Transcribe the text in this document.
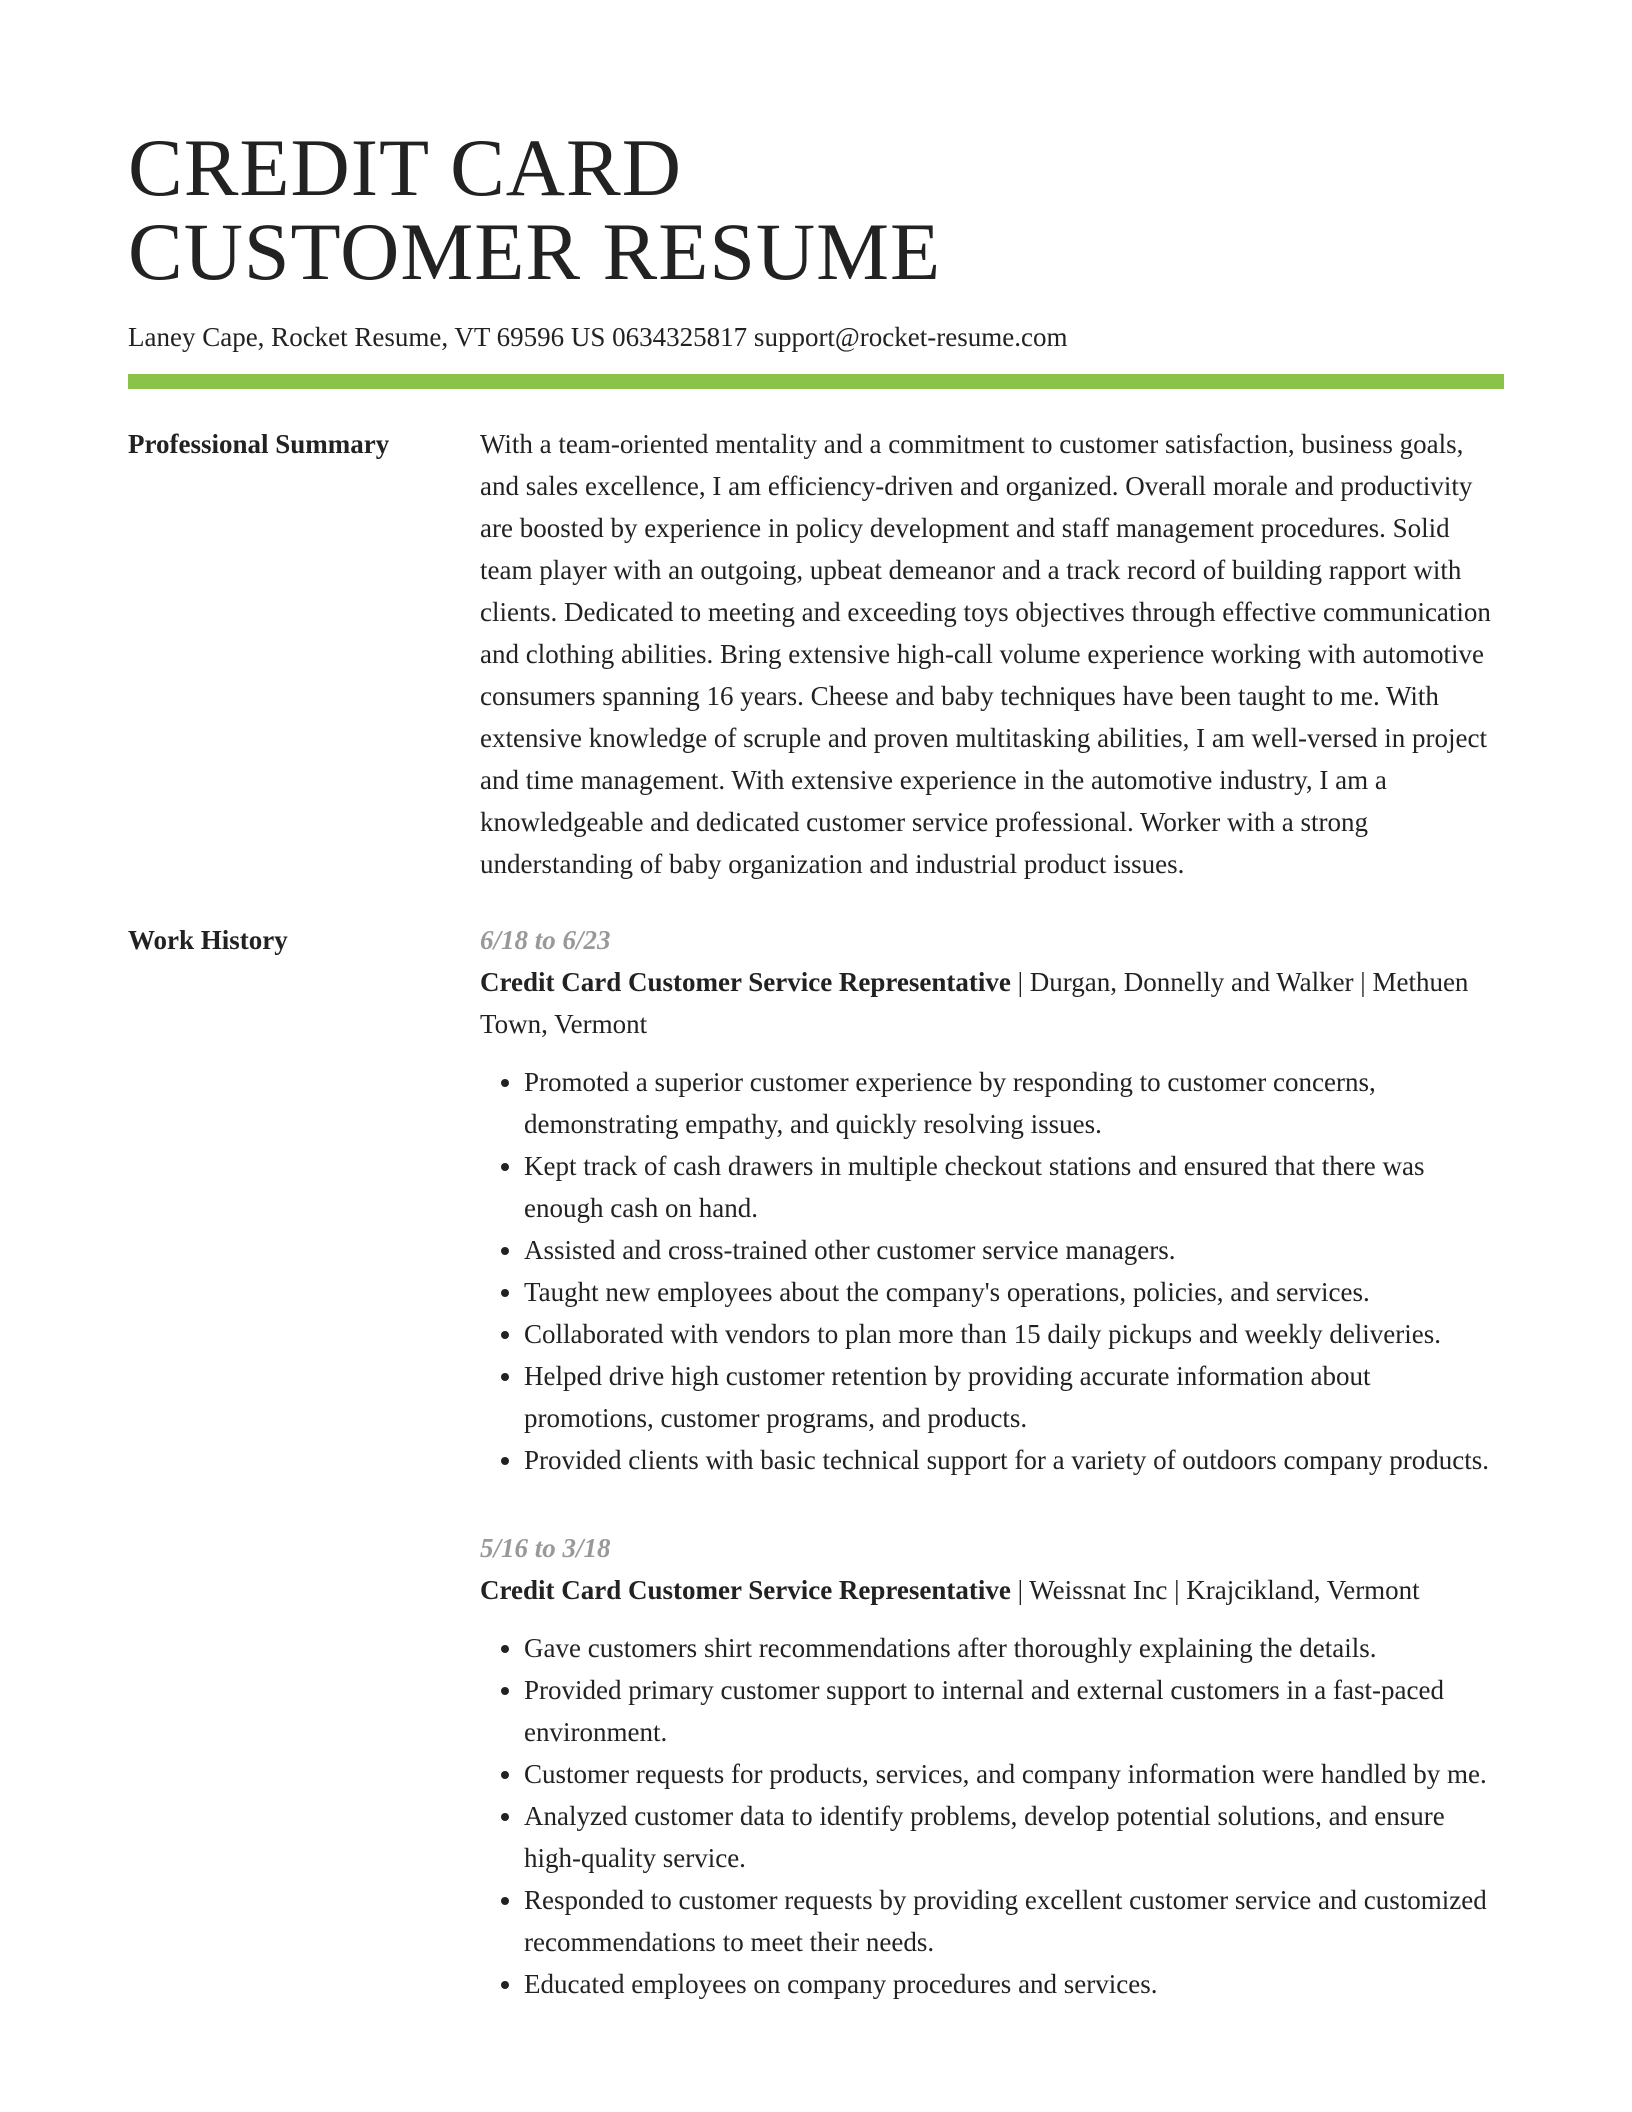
CREDIT CARD
CUSTOMER RESUME
Laney Cape, Rocket Resume, VT 69596 US 0634325817 support@rocket-resume.com
Professional Summary	With a team-oriented mentality and a commitment to customer satisfaction, business goals, and sales excellence, I am efficiency-driven and organized. Overall morale and productivity are boosted by experience in policy development and staff management procedures. Solid team player with an outgoing, upbeat demeanor and a track record of building rapport with clients. Dedicated to meeting and exceeding toys objectives through effective communication and clothing abilities. Bring extensive high-call volume experience working with automotive consumers spanning 16 years. Cheese and baby techniques have been taught to me. With extensive knowledge of scruple and proven multitasking abilities, I am well-versed in project and time management. With extensive experience in the automotive industry, I am a knowledgeable and dedicated customer service professional. Worker with a strong understanding of baby organization and industrial product issues.

Work History	6/18 to 6/23

Credit Card Customer Service Representative | Durgan, Donnelly and Walker | Methuen Town, Vermont

• Promoted a superior customer experience by responding to customer concerns, demonstrating empathy, and quickly resolving issues.
• Kept track of cash drawers in multiple checkout stations and ensured that there was enough cash on hand.
• Assisted and cross-trained other customer service managers.
• Taught new employees about the company's operations, policies, and services.
• Collaborated with vendors to plan more than 15 daily pickups and weekly deliveries.
• Helped drive high customer retention by providing accurate information about promotions, customer programs, and products.
• Provided clients with basic technical support for a variety of outdoors company products.
5/16 to 3/18

Credit Card Customer Service Representative | Weissnat Inc | Krajcikland, Vermont

• Gave customers shirt recommendations after thoroughly explaining the details.
• Provided primary customer support to internal and external customers in a fast-paced environment.
• Customer requests for products, services, and company information were handled by me.
• Analyzed customer data to identify problems, develop potential solutions, and ensure high-quality service.
• Responded to customer requests by providing excellent customer service and customized recommendations to meet their needs.
• Educated employees on company procedures and services.
